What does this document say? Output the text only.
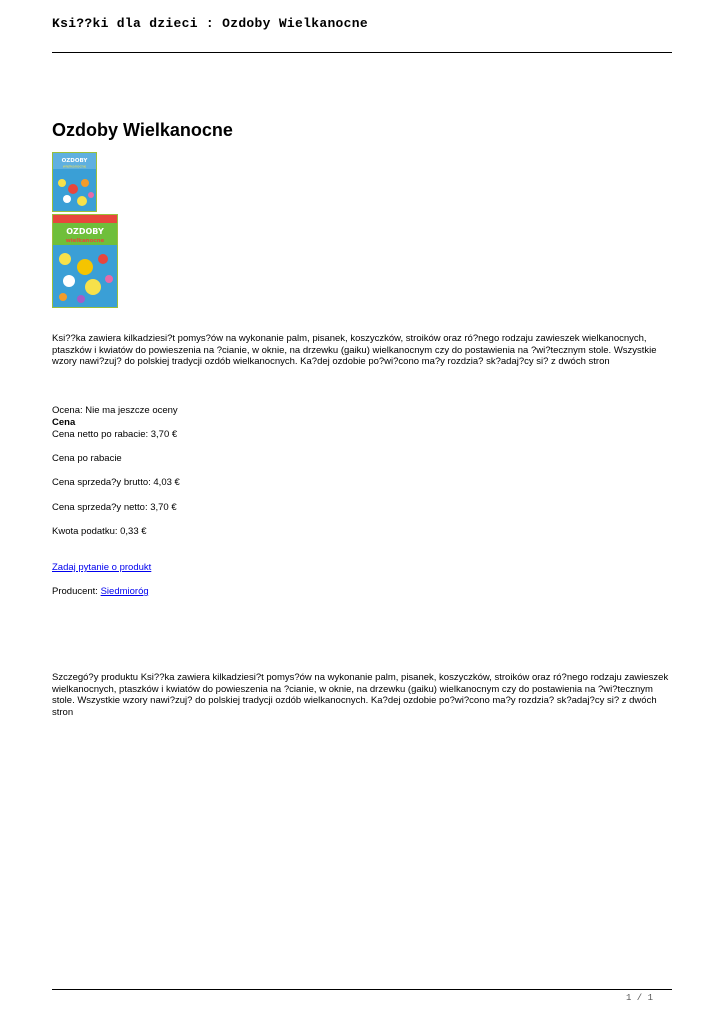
Ksi??ki dla dzieci : Ozdoby Wielkanocne
Ozdoby Wielkanocne
OZDOBY
wielkanocne
OZDOBY
wielkanocne

Ksi??ka zawiera kilkadziesi?t pomys?ów na wykonanie palm, pisanek, koszyczków, stroików oraz ró?nego rodzaju zawieszek wielkanocnych, ptaszków i kwiatów do powieszenia na ?cianie, w oknie, na drzewku (gaiku) wielkanocnym czy do postawienia na ?wi?tecznym stole. Wszystkie wzory nawi?zuj? do polskiej tradycji ozdób wielkanocnych. Ka?dej ozdobie po?wi?cono ma?y rozdzia? sk?adaj?cy si? z dwóch stron

Ocena: Nie ma jeszcze oceny

Cena

Cena netto po rabacie: 3,70 €

Cena po rabacie

Cena sprzeda?y brutto: 4,03 €

Cena sprzeda?y netto: 3,70 €

Kwota podatku: 0,33 €

Zadaj pytanie o produkt

Producent: Siedmioróg

Szczegó?y produktu Ksi??ka zawiera kilkadziesi?t pomys?ów na wykonanie palm, pisanek, koszyczków, stroików oraz ró?nego rodzaju zawieszek wielkanocnych, ptaszków i kwiatów do powieszenia na ?cianie, w oknie, na drzewku (gaiku) wielkanocnym czy do postawienia na ?wi?tecznym stole. Wszystkie wzory nawi?zuj? do polskiej tradycji ozdób wielkanocnych. Ka?dej ozdobie po?wi?cono ma?y rozdzia? sk?adaj?cy si? z dwóch stron

1 / 1
